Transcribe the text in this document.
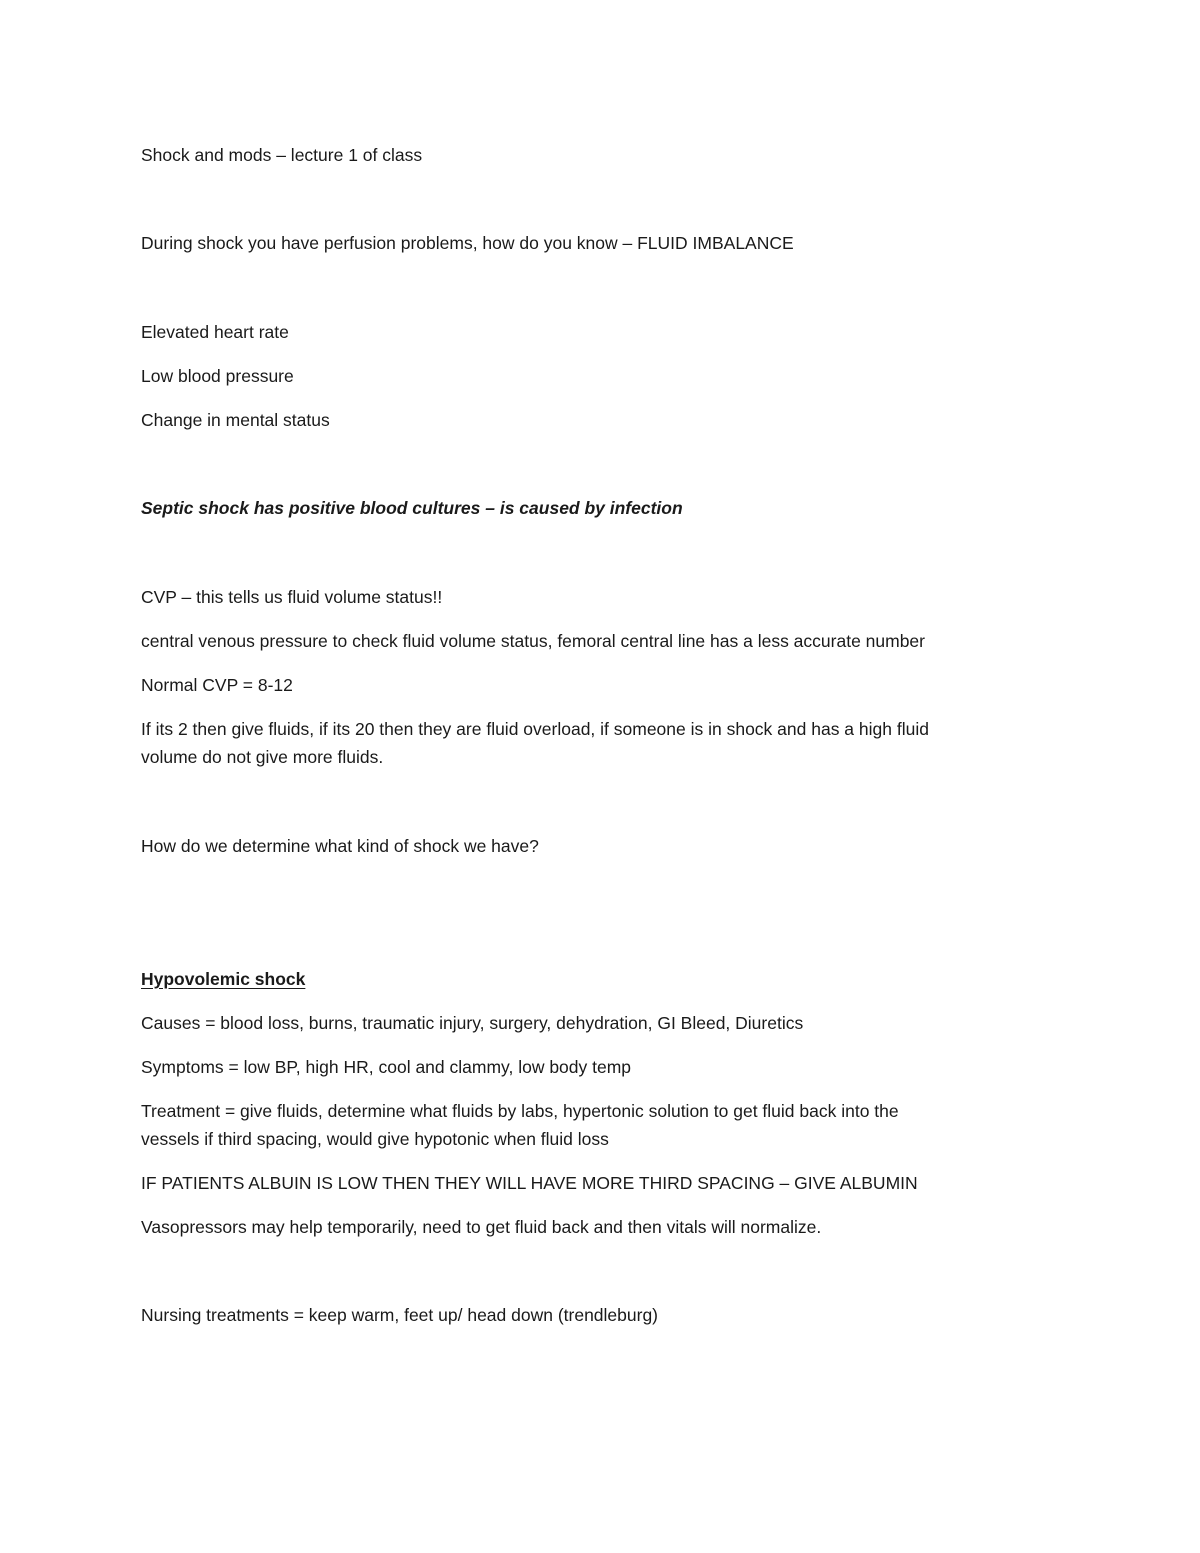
Shock and mods – lecture 1 of class

During shock you have perfusion problems, how do you know – FLUID IMBALANCE

Elevated heart rate

Low blood pressure

Change in mental status

Septic shock has positive blood cultures – is caused by infection

CVP – this tells us fluid volume status!!

central venous pressure to check fluid volume status, femoral central line has a less accurate number

Normal CVP = 8-12

If its 2 then give fluids, if its 20 then they are fluid overload, if someone is in shock and has a high fluid

volume do not give more fluids.

How do we determine what kind of shock we have?

Hypovolemic shock

Causes = blood loss, burns, traumatic injury, surgery, dehydration, GI Bleed, Diuretics

Symptoms = low BP, high HR, cool and clammy, low body temp

Treatment = give fluids, determine what fluids by labs, hypertonic solution to get fluid back into the

vessels if third spacing, would give hypotonic when fluid loss

IF PATIENTS ALBUIN IS LOW THEN THEY WILL HAVE MORE THIRD SPACING – GIVE ALBUMIN

Vasopressors may help temporarily, need to get fluid back and then vitals will normalize.

Nursing treatments = keep warm, feet up/ head down (trendleburg)
